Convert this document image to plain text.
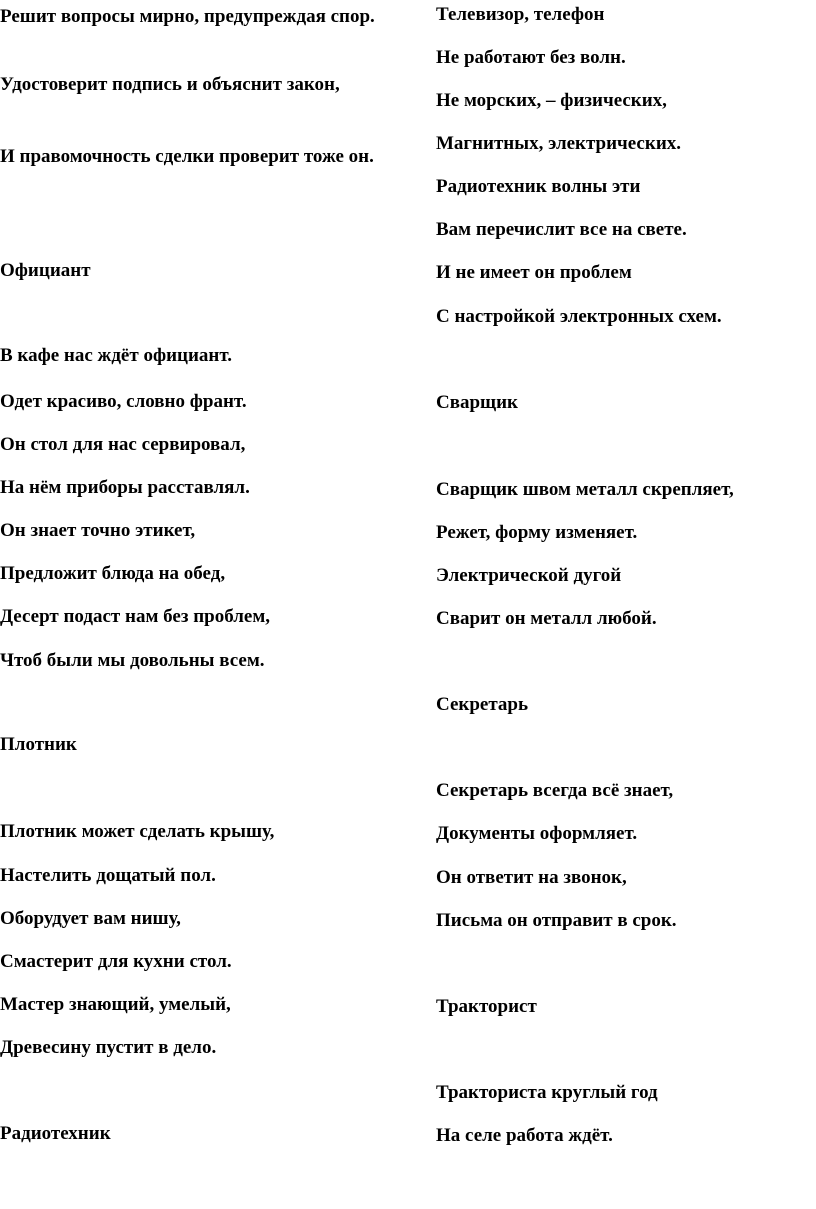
Решит вопросы мирно, предупреждая спор.
Удостоверит подпись и объяснит закон,
И правомочность сделки проверит тоже он.
Официант
В кафе нас ждёт официант.
Одет красиво, словно франт.
Он стол для нас сервировал,
На нём приборы расставлял.
Он знает точно этикет,
Предложит блюда на обед,
Десерт подаст нам без проблем,
Чтоб были мы довольны всем.
Плотник
Плотник может сделать крышу,
Настелить дощатый пол.
Оборудует вам нишу,
Смастерит для кухни стол.
Мастер знающий, умелый,
Древесину пустит в дело.
Радиотехник
Телевизор, телефон
Не работают без волн.
Не морских, – физических,
Магнитных, электрических.
Радиотехник волны эти
Вам перечислит все на свете.
И не имеет он проблем
С настройкой электронных схем.
Сварщик
Сварщик швом металл скрепляет,
Режет, форму изменяет.
Электрической дугой
Сварит он металл любой.
Секретарь
Секретарь всегда всё знает,
Документы оформляет.
Он ответит на звонок,
Письма он отправит в срок.
Тракторист
Тракториста круглый год
На селе работа ждёт.
